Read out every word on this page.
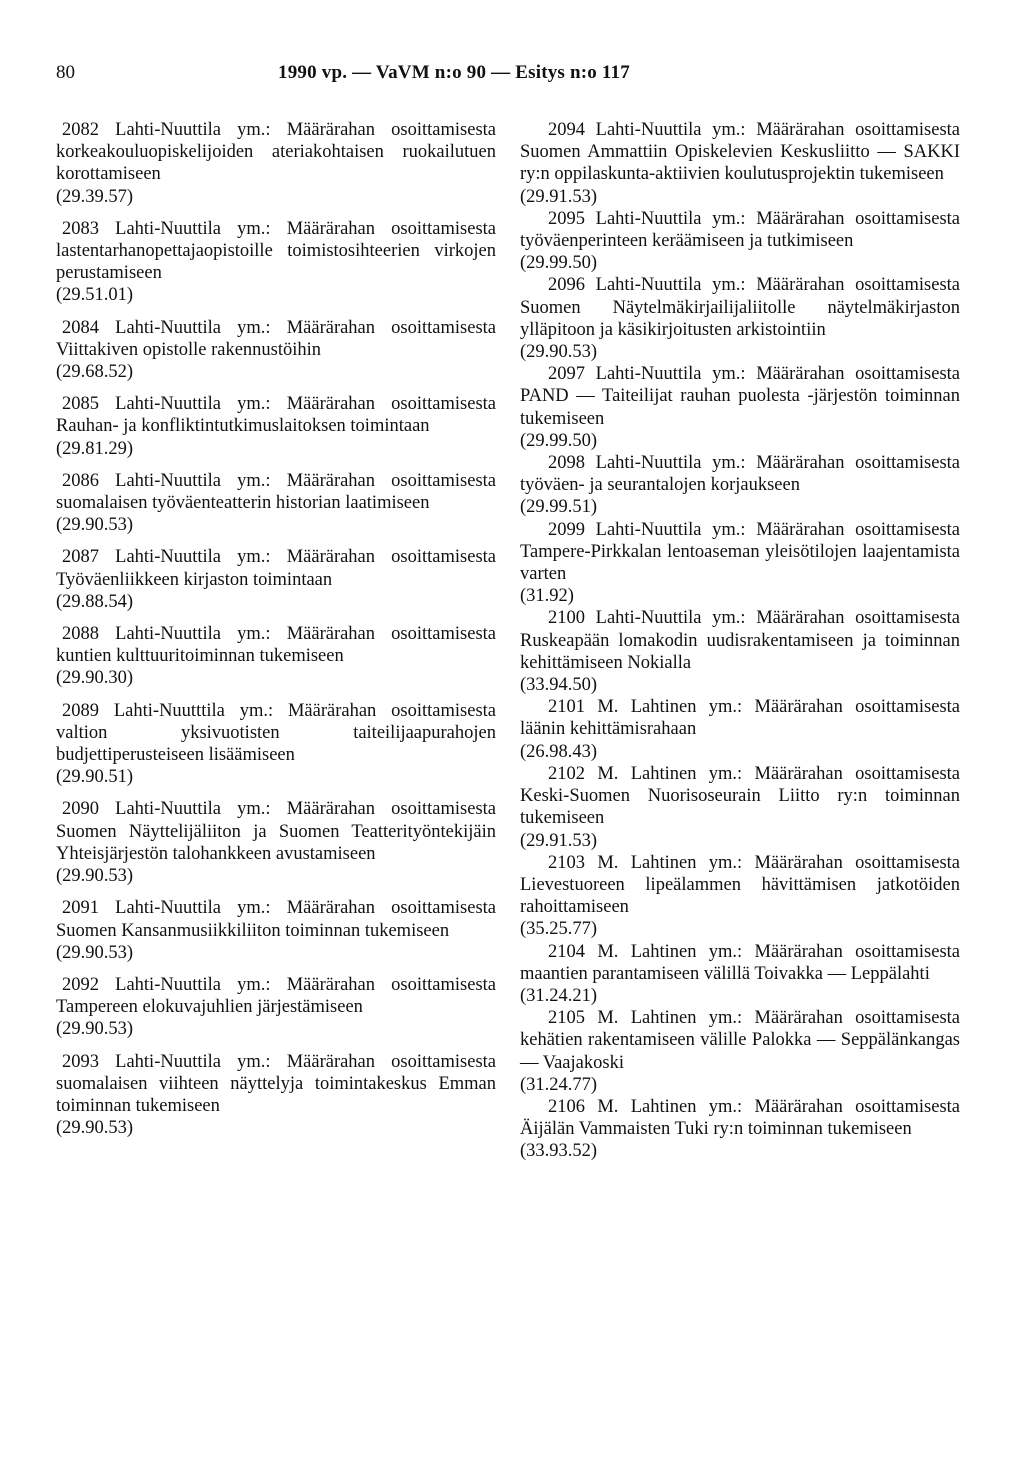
80	1990 vp. — VaVM n:o 90 — Esitys n:o 117

2082 Lahti-Nuuttila ym.: Määrärahan osoittamisesta korkeakouluopiskelijoiden ateriakohtaisen ruokailutuen korottamiseen

(29.39.57)

2083 Lahti-Nuuttila ym.: Määrärahan osoittamisesta lastentarhanopettajaopistoille toimistosihteerien virkojen perustamiseen

(29.51.01)

2084 Lahti-Nuuttila ym.: Määrärahan osoittamisesta Viittakiven opistolle rakennustöihin

(29.68.52)

2085 Lahti-Nuuttila ym.: Määrärahan osoittamisesta Rauhan- ja konfliktintutkimuslaitoksen toimintaan

(29.81.29)

2086 Lahti-Nuuttila ym.: Määrärahan osoittamisesta suomalaisen työväenteatterin historian laatimiseen

(29.90.53)

2087 Lahti-Nuuttila ym.: Määrärahan osoittamisesta Työväenliikkeen kirjaston toimintaan

(29.88.54)

2088 Lahti-Nuuttila ym.: Määrärahan osoittamisesta kuntien kulttuuritoiminnan tukemiseen

(29.90.30)

2089 Lahti-Nuutttila ym.: Määrärahan osoittamisesta valtion yksivuotisten taiteilijaapurahojen budjettiperusteiseen lisäämiseen

(29.90.51)

2090 Lahti-Nuuttila ym.: Määrärahan osoittamisesta Suomen Näyttelijäliiton ja Suomen Teatterityöntekijäin Yhteisjärjestön talohankkeen avustamiseen

(29.90.53)

2091 Lahti-Nuuttila ym.: Määrärahan osoittamisesta Suomen Kansanmusiikkiliiton toiminnan tukemiseen

(29.90.53)

2092 Lahti-Nuuttila ym.: Määrärahan osoittamisesta Tampereen elokuvajuhlien järjestämiseen

(29.90.53)

2093 Lahti-Nuuttila ym.: Määrärahan osoittamisesta suomalaisen viihteen näyttelyja toimintakeskus Emman toiminnan tukemiseen

(29.90.53)

2094 Lahti-Nuuttila ym.: Määrärahan osoittamisesta Suomen Ammattiin Opiskelevien Keskusliitto — SAKKI ry:n oppilaskunta-aktiivien koulutusprojektin tukemiseen

(29.91.53)

2095 Lahti-Nuuttila ym.: Määrärahan osoittamisesta työväenperinteen keräämiseen ja tutkimiseen

(29.99.50)

2096 Lahti-Nuuttila ym.: Määrärahan osoittamisesta Suomen Näytelmäkirjailijaliitolle näytelmäkirjaston ylläpitoon ja käsikirjoitusten arkistointiin

(29.90.53)

2097 Lahti-Nuuttila ym.: Määrärahan osoittamisesta PAND — Taiteilijat rauhan puolesta -järjestön toiminnan tukemiseen

(29.99.50)

2098 Lahti-Nuuttila ym.: Määrärahan osoittamisesta työväen- ja seurantalojen korjaukseen

(29.99.51)

2099 Lahti-Nuuttila ym.: Määrärahan osoittamisesta Tampere-Pirkkalan lentoaseman yleisötilojen laajentamista varten

(31.92)

2100 Lahti-Nuuttila ym.: Määrärahan osoittamisesta Ruskeapään lomakodin uudisrakentamiseen ja toiminnan kehittämiseen Nokialla

(33.94.50)

2101 M. Lahtinen ym.: Määrärahan osoittamisesta läänin kehittämisrahaan

(26.98.43)

2102 M. Lahtinen ym.: Määrärahan osoittamisesta Keski-Suomen Nuorisoseurain Liitto ry:n toiminnan tukemiseen

(29.91.53)

2103 M. Lahtinen ym.: Määrärahan osoittamisesta Lievestuoreen lipeälammen hävittämisen jatkotöiden rahoittamiseen

(35.25.77)

2104 M. Lahtinen ym.: Määrärahan osoittamisesta maantien parantamiseen välillä Toivakka — Leppälahti

(31.24.21)

2105 M. Lahtinen ym.: Määrärahan osoittamisesta kehätien rakentamiseen välille Palokka — Seppälänkangas — Vaajakoski

(31.24.77)

2106 M. Lahtinen ym.: Määrärahan osoittamisesta Äijälän Vammaisten Tuki ry:n toiminnan tukemiseen

(33.93.52)
